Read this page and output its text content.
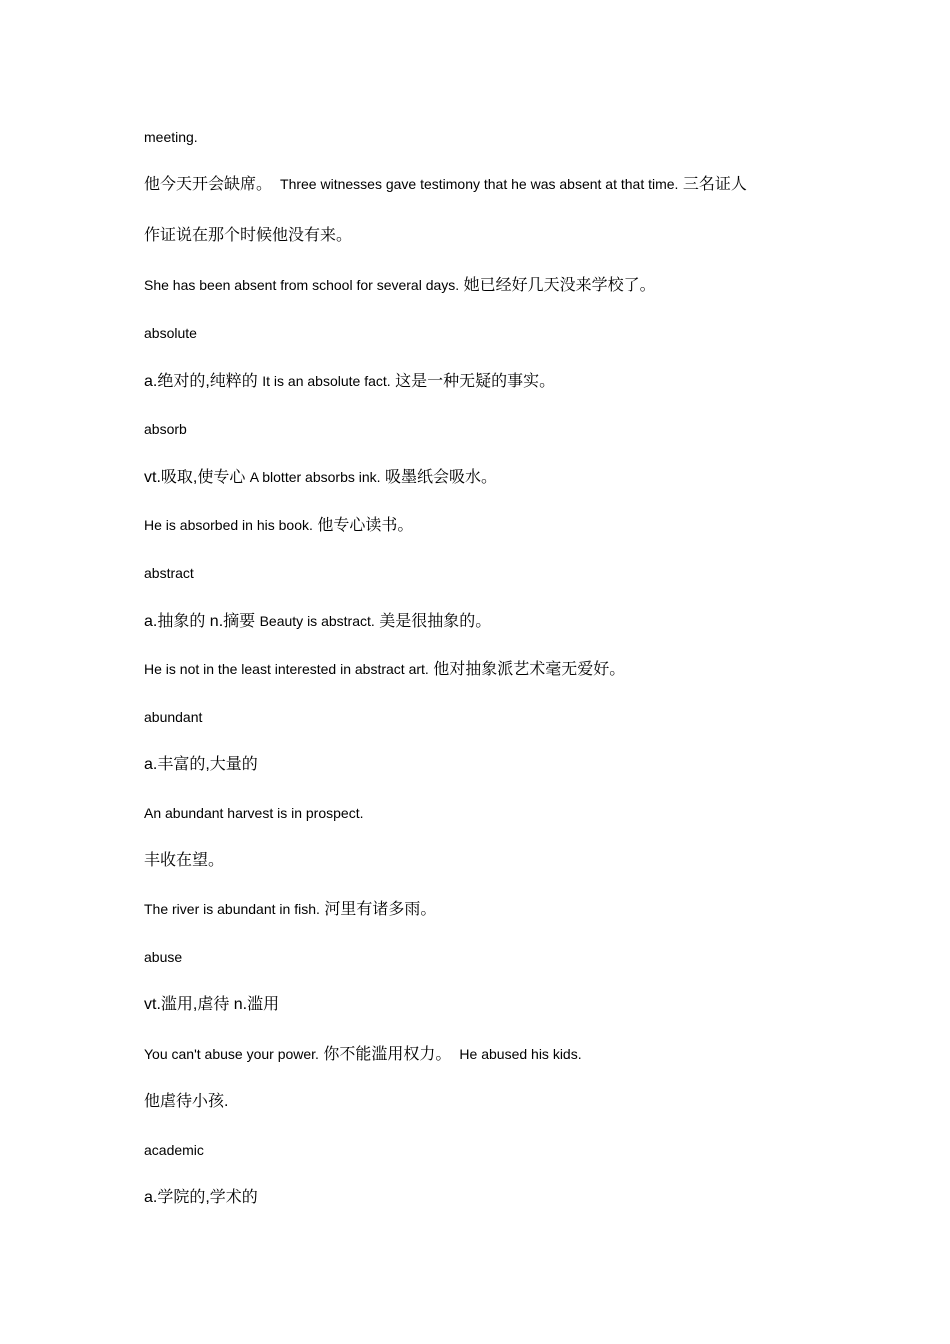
meeting.
他今天开会缺席。 Three witnesses gave testimony that he was absent at that time. 三名证人
作证说在那个时候他没有来。
She has been absent from school for several days. 她已经好几天没来学校了。
absolute
a.绝对的,纯粹的 It is an absolute fact. 这是一种无疑的事实。
absorb
vt.吸取,使专心 A blotter absorbs ink. 吸墨纸会吸水。
He is absorbed in his book. 他专心读书。
abstract
a.抽象的 n.摘要 Beauty is abstract. 美是很抽象的。
He is not in the least interested in abstract art. 他对抽象派艺术毫无爱好。
abundant
a.丰富的,大量的
An abundant harvest is in prospect.
丰收在望。
The river is abundant in fish. 河里有诸多雨。
abuse
vt.滥用,虐待 n.滥用
You can't abuse your power. 你不能滥用权力。 He abused his kids.
他虐待小孩.
academic
a.学院的,学术的
